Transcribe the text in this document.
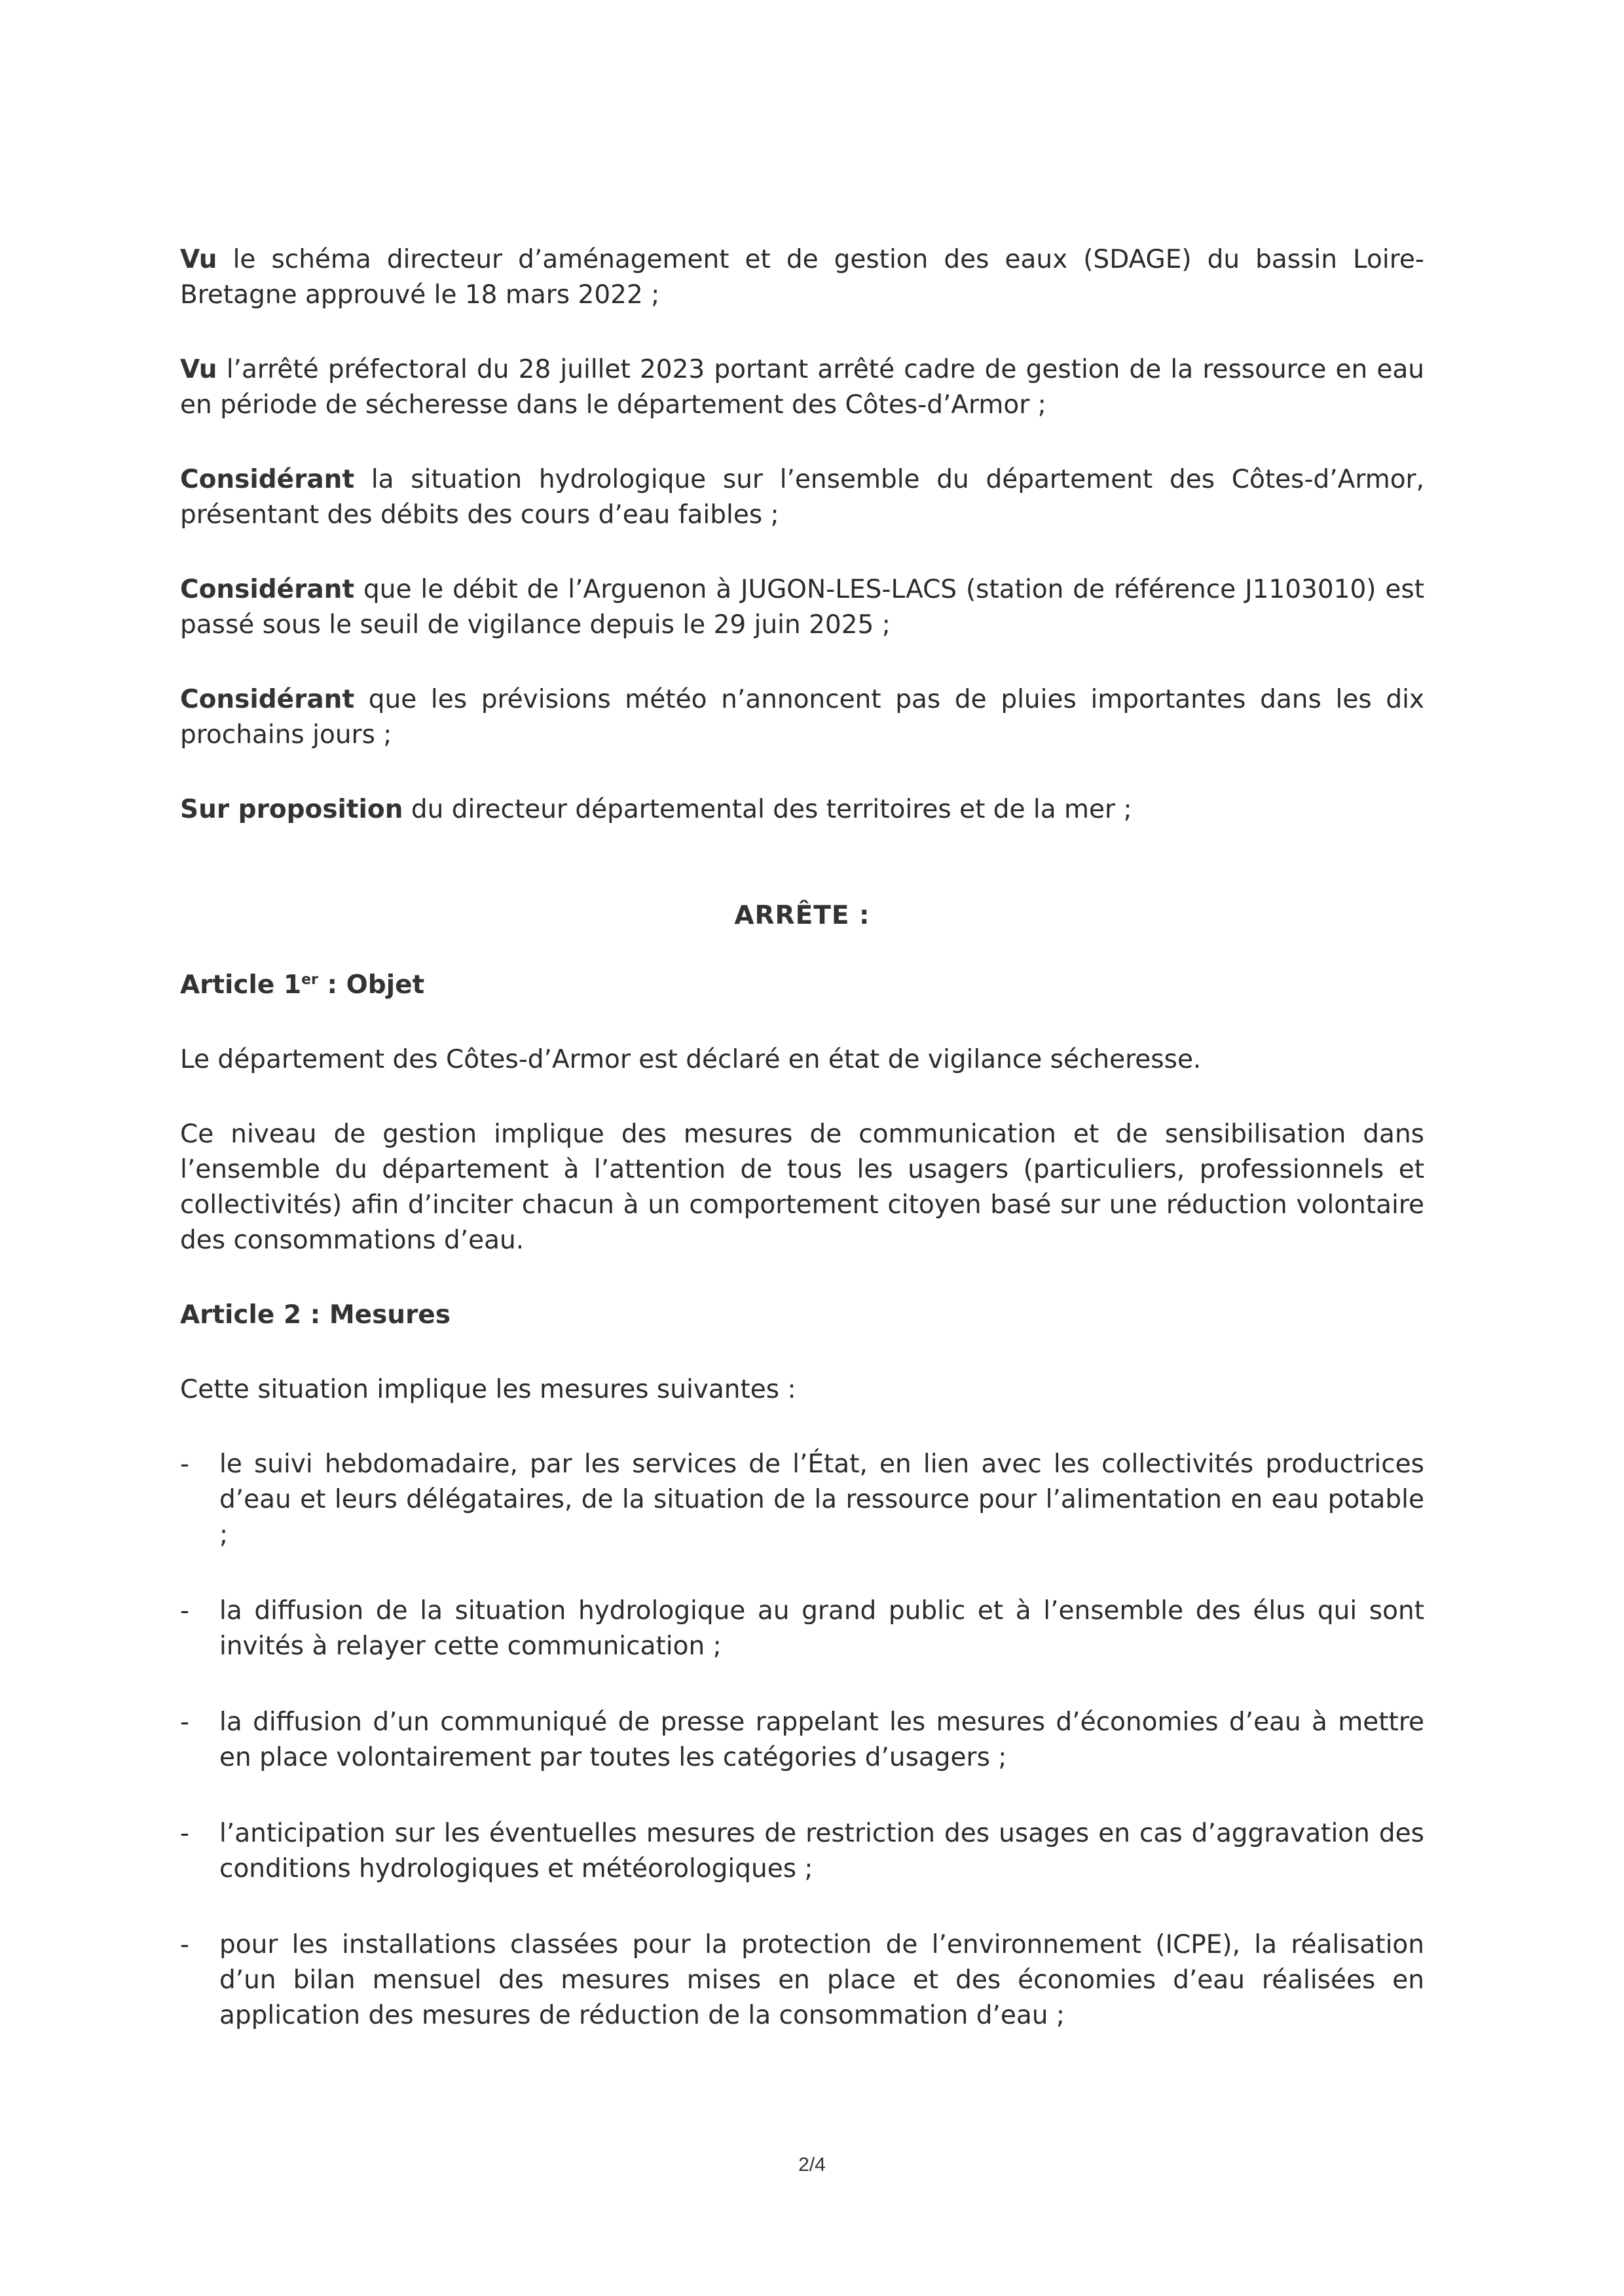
Vu le schéma directeur d’aménagement et de gestion des eaux (SDAGE) du bassin Loire-Bretagne approuvé le 18 mars 2022 ;

Vu l’arrêté préfectoral du 28 juillet 2023 portant arrêté cadre de gestion de la ressource en eau en période de sécheresse dans le département des Côtes-d’Armor ;

Considérant la situation hydrologique sur l’ensemble du département des Côtes-d’Armor, présentant des débits des cours d’eau faibles ;

Considérant que le débit de l’Arguenon à JUGON-LES-LACS (station de référence J1103010) est passé sous le seuil de vigilance depuis le 29 juin 2025 ;

Considérant que les prévisions météo n’annoncent pas de pluies importantes dans les dix prochains jours ;

Sur proposition du directeur départemental des territoires et de la mer ;

ARRÊTE :
Article 1er : Objet

Le département des Côtes-d’Armor est déclaré en état de vigilance sécheresse.

Ce niveau de gestion implique des mesures de communication et de sensibilisation dans l’ensemble du département à l’attention de tous les usagers (particuliers, professionnels et collectivités) afin d’inciter chacun à un comportement citoyen basé sur une réduction volontaire des consommations d’eau.

Article 2 : Mesures

Cette situation implique les mesures suivantes :

-	le suivi hebdomadaire, par les services de l’État, en lien avec les collectivités productrices d’eau et leurs délégataires, de la situation de la ressource pour l’alimentation en eau potable ;
-	la diffusion de la situation hydrologique au grand public et à l’ensemble des élus qui sont invités à relayer cette communication ;
-	la diffusion d’un communiqué de presse rappelant les mesures d’économies d’eau à mettre en place volontairement par toutes les catégories d’usagers ;
-	l’anticipation sur les éventuelles mesures de restriction des usages en cas d’aggravation des conditions hydrologiques et météorologiques ;
-	pour les installations classées pour la protection de l’environnement (ICPE), la réalisation d’un bilan mensuel des mesures mises en place et des économies d’eau réalisées en application des mesures de réduction de la consommation d’eau ;
2/4
